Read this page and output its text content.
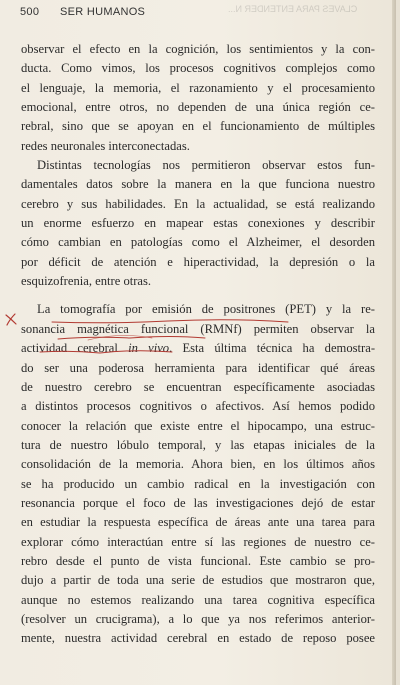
500 SER HUMANOS	CLAVES PARA ENTENDER N...
observar el efecto en la cognición, los sentimientos y la con-
ducta. Como vimos, los procesos cognitivos complejos como
el lenguaje, la memoria, el razonamiento y el procesamiento
emocional, entre otros, no dependen de una única región ce-
rebral, sino que se apoyan en el funcionamiento de múltiples
redes neuronales interconectadas.
Distintas tecnologías nos permitieron observar estos fun-
damentales datos sobre la manera en la que funciona nuestro
cerebro y sus habilidades. En la actualidad, se está realizando
un enorme esfuerzo en mapear estas conexiones y describir
cómo cambian en patologías como el Alzheimer, el desorden
por déficit de atención e hiperactividad, la depresión o la
esquizofrenia, entre otras.
La tomografía por emisión de positrones (PET) y la re-
sonancia magnética funcional (RMNf) permiten observar la
actividad cerebral in vivo. Esta última técnica ha demostra-
do ser una poderosa herramienta para identificar qué áreas
de nuestro cerebro se encuentran específicamente asociadas
a distintos procesos cognitivos o afectivos. Así hemos podido
conocer la relación que existe entre el hipocampo, una estruc-
tura de nuestro lóbulo temporal, y las etapas iniciales de la
consolidación de la memoria. Ahora bien, en los últimos años
se ha producido un cambio radical en la investigación con
resonancia porque el foco de las investigaciones dejó de estar
en estudiar la respuesta específica de áreas ante una tarea para
explorar cómo interactúan entre sí las regiones de nuestro ce-
rebro desde el punto de vista funcional. Este cambio se pro-
dujo a partir de toda una serie de estudios que mostraron que,
aunque no estemos realizando una tarea cognitiva específica
(resolver un crucigrama), a lo que ya nos referimos anterior-
mente, nuestra actividad cerebral en estado de reposo posee
